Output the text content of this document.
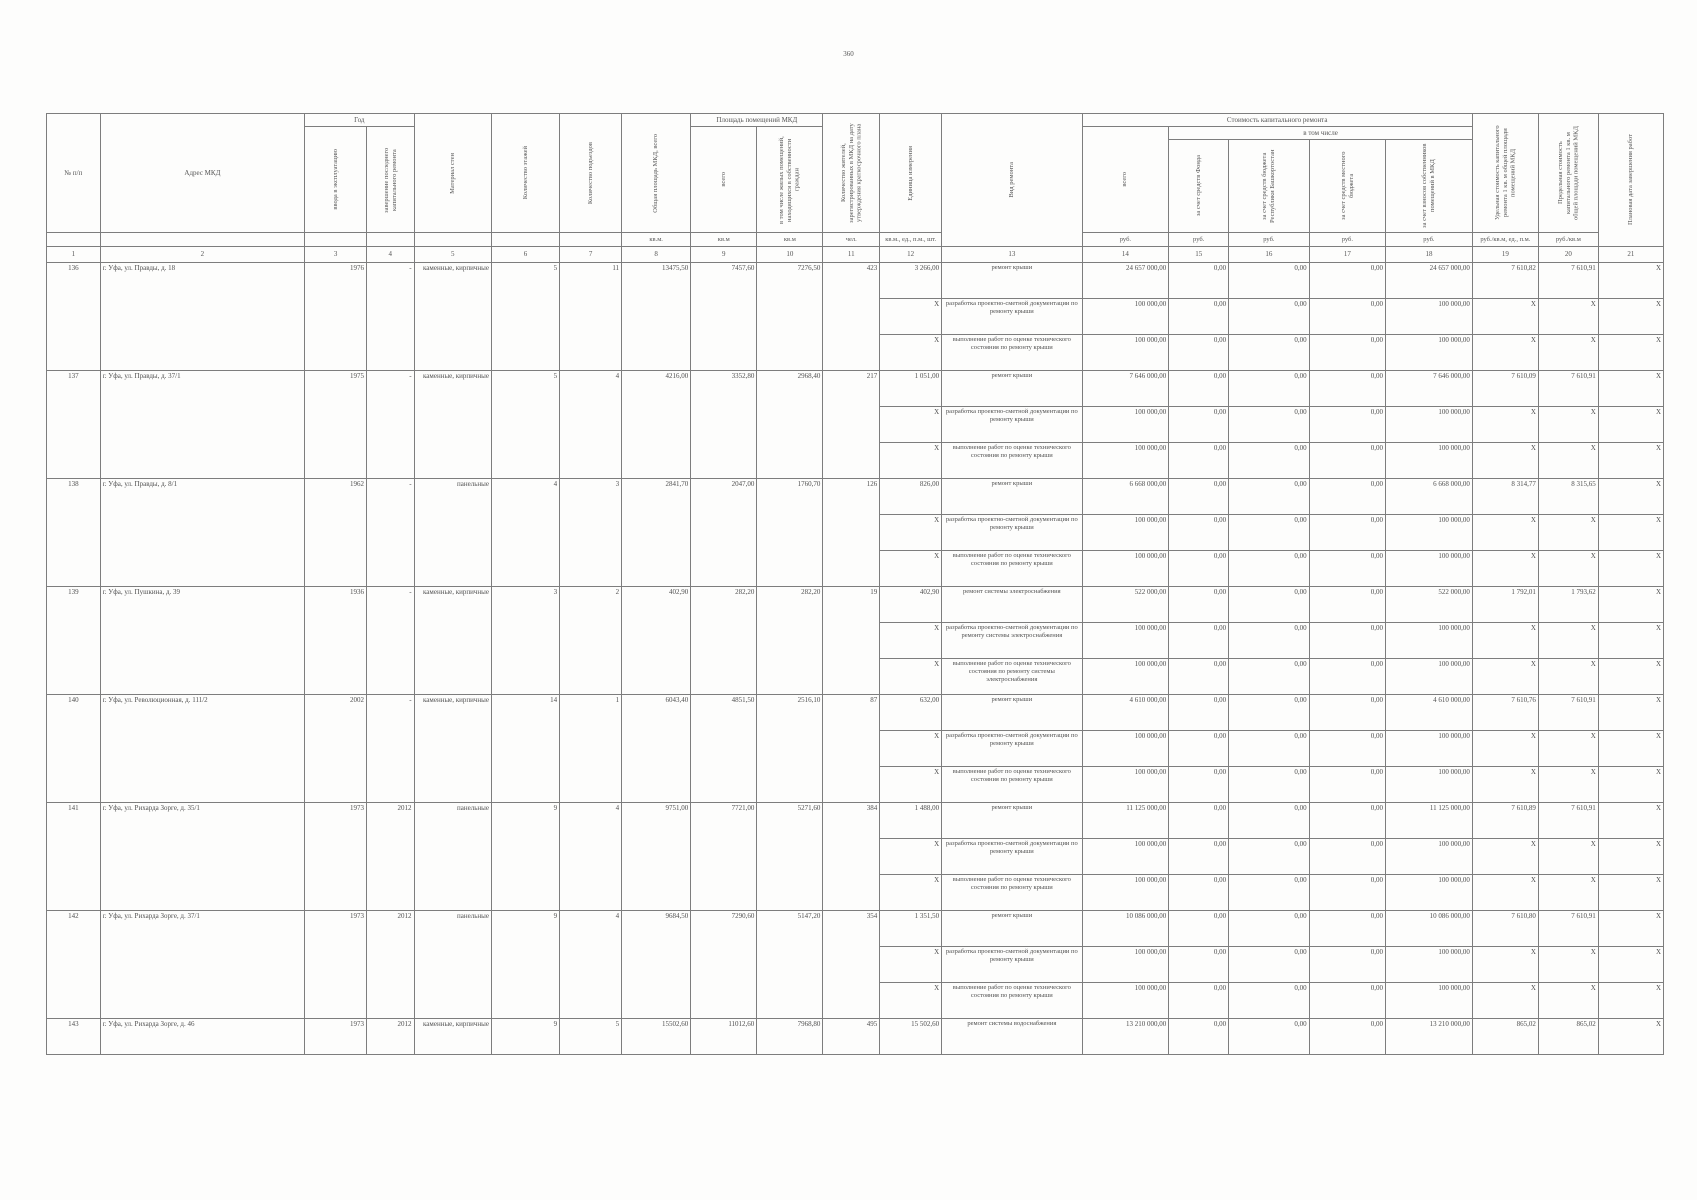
360
№ п/п	Адрес МКД	Год		Материал стен	Количество этажей	Количество подъездов	Общая площадь МКД, всего	Площадь помещений МКД		Количество жителей, зарегистрированных в МКД на дату утверждения краткосрочного плана	Единица измерения	Вид ремонта	Стоимость капитального ремонта					Удельная стоимость капитального ремонта 1 кв. м общей площади помещений МКД	Предельная стоимость капитального ремонта 1 кв. м общей площади помещений МКД	Плановая дата завершения работ

		ввода в эксплуатацию	завершение последнего капитального ремонта					всего	в том числе жилых помещений, находящихся в собственности граждан				всего	в том числе						

														за счет средств Фонда	за счет средств бюджета Республики Башкортостан	за счет средств местного бюджета	за счет взносов собственников помещений в МКД			

							кв.м.	кв.м	кв.м	чел.	кв.м., ед., п.м., шт.		руб.	руб.	руб.	руб.	руб.	руб./кв.м, ед., п.м.	руб./кв.м	
1	2	3	4	5	6	7	8	9	10	11	12	13	14	15	16	17	18	19	20	21
136	г. Уфа, ул. Правды, д. 18	1976	-	каменные, кирпичные	5	11	13475,50	7457,60	7276,50	423	3 266,00	ремонт крыши	24 657 000,00	0,00	0,00	0,00	24 657 000,00	7 610,82	7 610,91	X
											X	разработка проектно-сметной документации по ремонту крыши	100 000,00	0,00	0,00	0,00	100 000,00	X	X	X
											X	выполнение работ по оценке технического состояния по ремонту крыши	100 000,00	0,00	0,00	0,00	100 000,00	X	X	X
137	г. Уфа, ул. Правды, д. 37/1	1975	-	каменные, кирпичные	5	4	4216,00	3352,80	2968,40	217	1 051,00	ремонт крыши	7 646 000,00	0,00	0,00	0,00	7 646 000,00	7 610,09	7 610,91	X
											X	разработка проектно-сметной документации по ремонту крыши	100 000,00	0,00	0,00	0,00	100 000,00	X	X	X
											X	выполнение работ по оценке технического состояния по ремонту крыши	100 000,00	0,00	0,00	0,00	100 000,00	X	X	X
138	г. Уфа, ул. Правды, д. 8/1	1962	-	панельные	4	3	2841,70	2047,00	1760,70	126	826,00	ремонт крыши	6 668 000,00	0,00	0,00	0,00	6 668 000,00	8 314,77	8 315,65	X
											X	разработка проектно-сметной документации по ремонту крыши	100 000,00	0,00	0,00	0,00	100 000,00	X	X	X
											X	выполнение работ по оценке технического состояния по ремонту крыши	100 000,00	0,00	0,00	0,00	100 000,00	X	X	X
139	г. Уфа, ул. Пушкина, д. 39	1936	-	каменные, кирпичные	3	2	402,90	282,20	282,20	19	402,90	ремонт системы электроснабжения	522 000,00	0,00	0,00	0,00	522 000,00	1 792,01	1 793,62	X
											X	разработка проектно-сметной документации по ремонту системы электроснабжения	100 000,00	0,00	0,00	0,00	100 000,00	X	X	X
											X	выполнение работ по оценке технического состояния по ремонту системы электроснабжения	100 000,00	0,00	0,00	0,00	100 000,00	X	X	X
140	г. Уфа, ул. Революционная, д. 111/2	2002	-	каменные, кирпичные	14	1	6043,40	4851,50	2516,10	87	632,00	ремонт крыши	4 610 000,00	0,00	0,00	0,00	4 610 000,00	7 610,76	7 610,91	X
											X	разработка проектно-сметной документации по ремонту крыши	100 000,00	0,00	0,00	0,00	100 000,00	X	X	X
											X	выполнение работ по оценке технического состояния по ремонту крыши	100 000,00	0,00	0,00	0,00	100 000,00	X	X	X
141	г. Уфа, ул. Рихарда Зорге, д. 35/1	1973	2012	панельные	9	4	9751,00	7721,00	5271,60	384	1 488,00	ремонт крыши	11 125 000,00	0,00	0,00	0,00	11 125 000,00	7 610,89	7 610,91	X
											X	разработка проектно-сметной документации по ремонту крыши	100 000,00	0,00	0,00	0,00	100 000,00	X	X	X
											X	выполнение работ по оценке технического состояния по ремонту крыши	100 000,00	0,00	0,00	0,00	100 000,00	X	X	X
142	г. Уфа, ул. Рихарда Зорге, д. 37/1	1973	2012	панельные	9	4	9684,50	7290,60	5147,20	354	1 351,50	ремонт крыши	10 086 000,00	0,00	0,00	0,00	10 086 000,00	7 610,80	7 610,91	X
											X	разработка проектно-сметной документации по ремонту крыши	100 000,00	0,00	0,00	0,00	100 000,00	X	X	X
											X	выполнение работ по оценке технического состояния по ремонту крыши	100 000,00	0,00	0,00	0,00	100 000,00	X	X	X
143	г. Уфа, ул. Рихарда Зорге, д. 46	1973	2012	каменные, кирпичные	9	5	15502,60	11012,60	7968,80	495	15 502,60	ремонт системы водоснабжения	13 210 000,00	0,00	0,00	0,00	13 210 000,00	865,02	865,02	X
